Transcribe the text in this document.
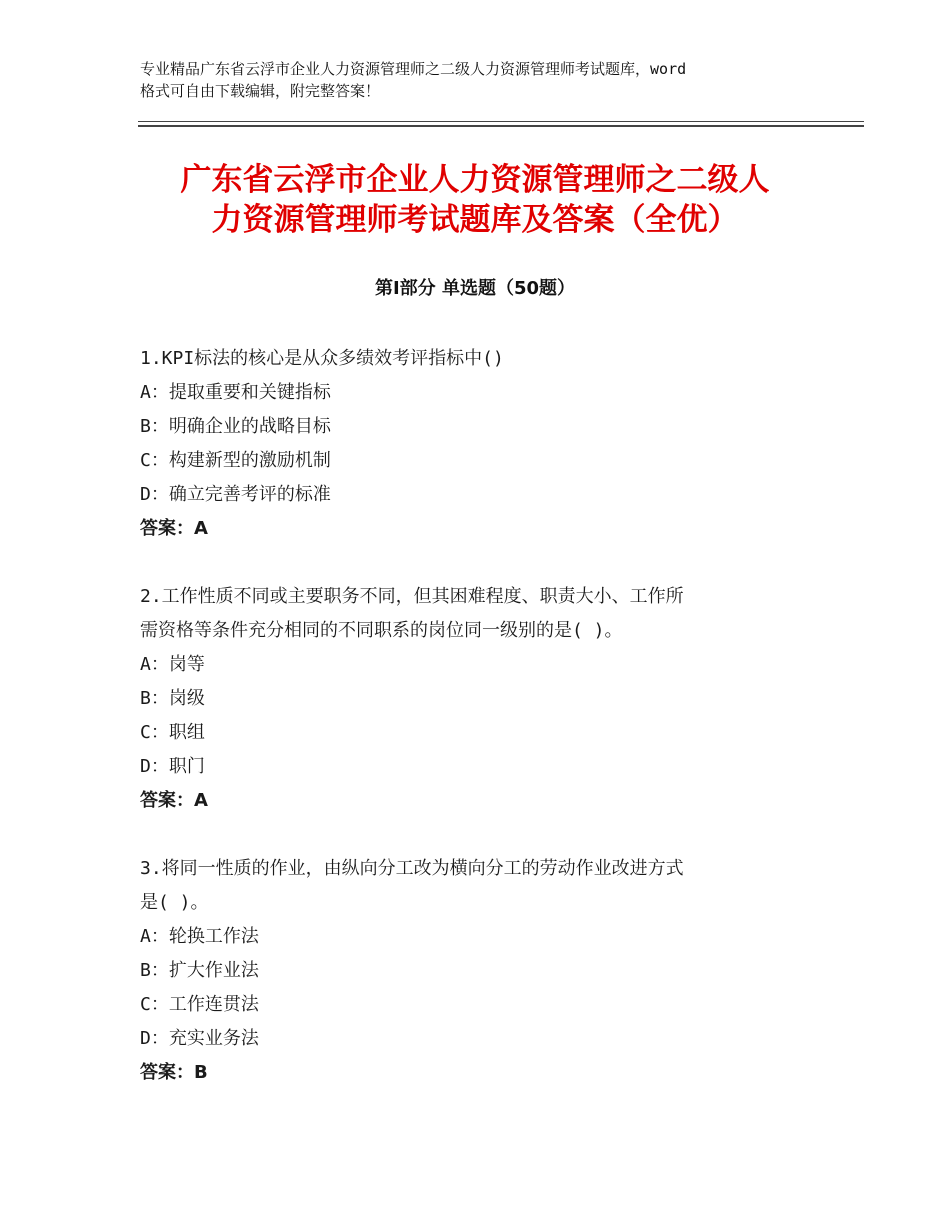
专业精品广东省云浮市企业人力资源管理师之二级人力资源管理师考试题库，word
格式可自由下载编辑，附完整答案！
广东省云浮市企业人力资源管理师之二级人
力资源管理师考试题库及答案（全优）
第Ⅰ部分 单选题（50题）

1.KPI标法的核心是从众多绩效考评指标中()

A：提取重要和关键指标

B：明确企业的战略目标

C：构建新型的激励机制

D：确立完善考评的标准

答案：A

2.工作性质不同或主要职务不同，但其困难程度、职责大小、工作所

需资格等条件充分相同的不同职系的岗位同一级别的是( )。

A：岗等

B：岗级

C：职组

D：职门

答案：A

3.将同一性质的作业，由纵向分工改为横向分工的劳动作业改进方式

是( )。

A：轮换工作法

B：扩大作业法

C：工作连贯法

D：充实业务法

答案：B
